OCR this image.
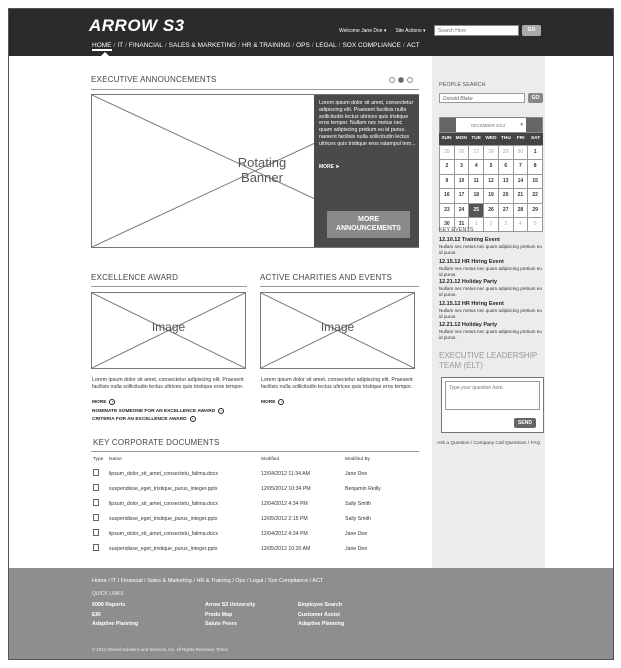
ARROW S3	Welcome Jane Doe ▾ Site Actions ▾	Search Here	GO
HOME / IT / FINANCIAL / SALES & MARKETING / HR & TRAINING / OPS / LEGAL / SOX COMPLIANCE / ACT
EXECUTIVE ANNOUNCEMENTS
Rotating Banner
Lorem ipsum dolor sit amet, consectetur adipiscing elit. Praesent facilisis nulla sollicitudin lectus ultrices quis tristique eros tempor. Nullam nec metus nec quam adipiscing pretium eu id purus. raesent facilisis nulla sollicitudin lectus ultrices quis tristique eros ratampul tem...
MORE ➤
MORE ANNOUNCEMENTS
EXCELLENCE AWARD
Image
Lorem ipsum dolor sit amet, consectetur adipiscing elit. Praesent facilisis nulla sollicitudin lectus ultrices quis tristique eros tempor.
MORE	›
NOMINATE SOMEONE FOR AN EXCELLENCE AWARD	›
CRITERIA FOR AN EXCELLENCE AWARD	›
ACTIVE CHARITIES AND EVENTS
Image
Lorem ipsum dolor sit amet, consectetur adipiscing elit. Praesent facilisis nulla sollicitudin lectus ultrices quis tristique eros tempor.
MORE	›
KEY CORPORATE DOCUMENTS
Type	Name	Modified	Modified By
	lipsum_dolor_sit_amet_consectetu_falima.docx	12/04/2012 11:34 AM	Jane Doe
	suspendisse_eget_tristique_purus_integer.pptx	12/05/2012 10:34 PM	Benjamin Reilly
	lipsum_dolor_sit_amet_consectetu_falima.docx	12/04/2012 4:34 PM	Sally Smith
	suspendisse_eget_tristique_purus_integer.pptx	12/05/2012 2:15 PM	Sally Smith
	lipsum_dolor_sit_amet_consectetu_falima.docx	12/04/2012 4:34 PM	Jane Doe
	suspendisse_eget_tristique_purus_integer.pptx	12/05/2012 10:20 AM	Jane Doe
PEOPLE SEARCH
Donald Blake	GO
DECEMBER 2012	▾
SUN MON TUE WED THU	FRI	SAT
25	26	27	28	29	30	1
2	3	4	5	6	7	8
9	10	11	12	13	14	15
16	17	18	19	20	21	22
23	24	25	26	27	28	29
30	31	1	2	3	4	5
KEY EVENTS
12.10.12 Training Event
Nullam nec metus nec quam adipiscing pretium eu id purus.
12.15.12 HR Hiring Event
Nullam nec metus nec quam adipiscing pretium eu id purus.
12.21.12 Holiday Party
Nullam nec metus nec quam adipiscing pretium eu id purus.
12.15.12 HR Hiring Event
Nullam nec metus nec quam adipiscing pretium eu id purus.
12.21.12 Holiday Party
Nullam nec metus nec quam adipiscing pretium eu id purus.
EXECUTIVE LEADERSHIP
TEAM (ELT)
Type your question here.
SEND
Ask a Question / Company Call Questions / FAQ
Home / IT / Financial / Sales & Marketing / HR & Training / Ops / Legal / Sox Compliance / ACT
QUICK LINKS
6000 Reports
EIR
Adaptive Planning
Arrow S3 University
Prodo Map
Salute Peers
Employee Search
Customer Assist
Adaptive Planning
© 2012 Shared Solutions and Services, Inc. All Rights Reserved. Terms
